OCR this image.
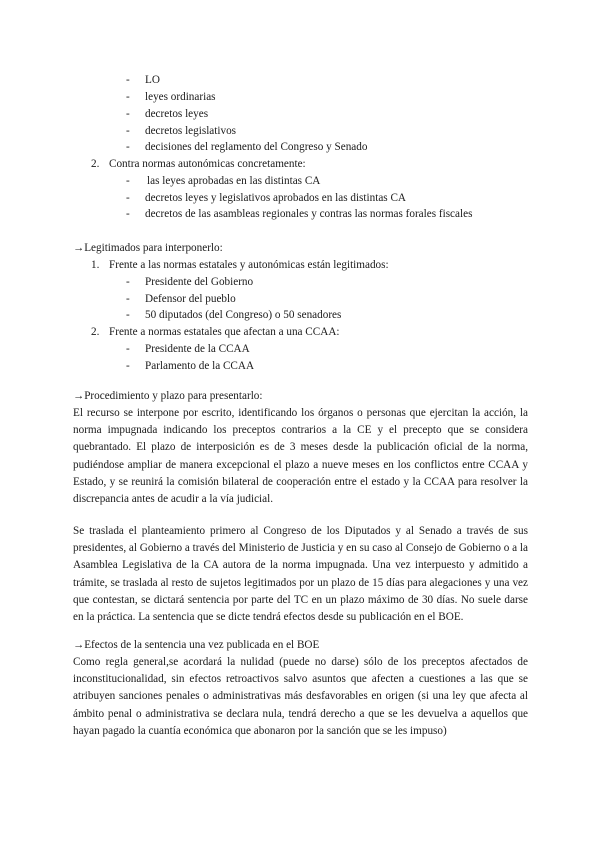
- LO
- leyes ordinarias
- decretos leyes
- decretos legislativos
- decisiones del reglamento del Congreso y Senado
2. Contra normas autonómicas concretamente:
- las leyes aprobadas en las distintas CA
- decretos leyes y legislativos aprobados en las distintas CA
- decretos de las asambleas regionales y contras las normas forales fiscales
→Legitimados para interponerlo:
1. Frente a las normas estatales y autonómicas están legitimados:
- Presidente del Gobierno
- Defensor del pueblo
- 50 diputados (del Congreso) o 50 senadores
2. Frente a normas estatales que afectan a una CCAA:
- Presidente de la CCAA
- Parlamento de la CCAA
→Procedimiento y plazo para presentarlo:
El recurso se interpone por escrito, identificando los órganos o personas que ejercitan la acción, la norma impugnada indicando los preceptos contrarios a la CE y el precepto que se considera quebrantado. El plazo de interposición es de 3 meses desde la publicación oficial de la norma, pudiéndose ampliar de manera excepcional el plazo a nueve meses en los conflictos entre CCAA y Estado, y se reunirá la comisión bilateral de cooperación entre el estado y la CCAA para resolver la discrepancia antes de acudir a la vía judicial.
Se traslada el planteamiento primero al Congreso de los Diputados y al Senado a través de sus presidentes, al Gobierno a través del Ministerio de Justicia y en su caso al Consejo de Gobierno o a la Asamblea Legislativa de la CA autora de la norma impugnada. Una vez interpuesto y admitido a trámite, se traslada al resto de sujetos legitimados por un plazo de 15 días para alegaciones y una vez que contestan, se dictará sentencia por parte del TC en un plazo máximo de 30 días. No suele darse en la práctica. La sentencia que se dicte tendrá efectos desde su publicación en el BOE.
→Efectos de la sentencia una vez publicada en el BOE
Como regla general,se acordará la nulidad (puede no darse) sólo de los preceptos afectados de inconstitucionalidad, sin efectos retroactivos salvo asuntos que afecten a cuestiones a las que se atribuyen sanciones penales o administrativas más desfavorables en origen (si una ley que afecta al ámbito penal o administrativa se declara nula, tendrá derecho a que se les devuelva a aquellos que hayan pagado la cuantía económica que abonaron por la sanción que se les impuso)
